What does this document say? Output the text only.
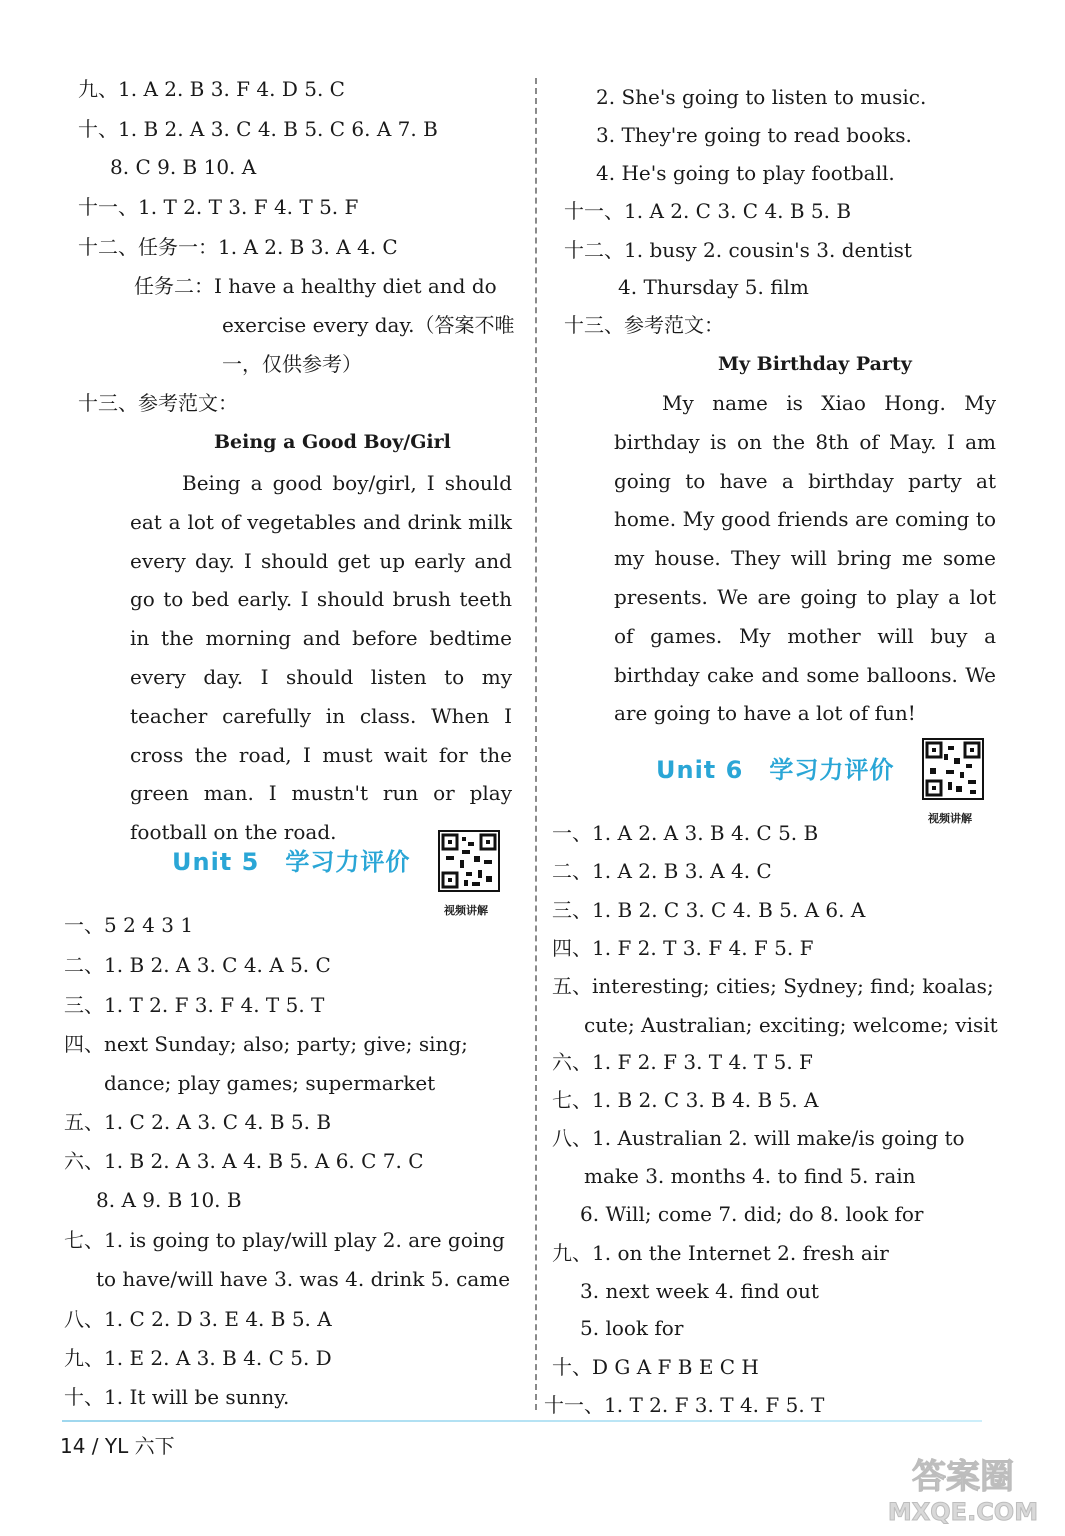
九、1. A 2. B 3. F 4. D 5. C
十、1. B 2. A 3. C 4. B 5. C 6. A 7. B
8. C 9. B 10. A
十一、1. T 2. T 3. F 4. T 5. F
十二、任务一：1. A 2. B 3. A 4. C
任务二：I have a healthy diet and do
exercise every day.（答案不唯
一，仅供参考）
十三、参考范文：
Being a Good Boy/Girl
Being a good boy/girl, I should eat a lot of vegetables and drink milk every day. I should get up early and go to bed early. I should brush teeth in the morning and before bedtime every day. I should listen to my teacher carefully in class. When I cross the road, I must wait for the green man. I mustn't run or play football on the road.
Unit 5 学习力评价
视频讲解
一、5 2 4 3 1
二、1. B 2. A 3. C 4. A 5. C
三、1. T 2. F 3. F 4. T 5. T
四、next Sunday; also; party; give; sing;
dance; play games; supermarket
五、1. C 2. A 3. C 4. B 5. B
六、1. B 2. A 3. A 4. B 5. A 6. C 7. C
8. A 9. B 10. B
七、1. is going to play/will play 2. are going
to have/will have 3. was 4. drink 5. came
八、1. C 2. D 3. E 4. B 5. A
九、1. E 2. A 3. B 4. C 5. D
十、1. It will be sunny.
2. She's going to listen to music.
3. They're going to read books.
4. He's going to play football.
十一、1. A 2. C 3. C 4. B 5. B
十二、1. busy 2. cousin's 3. dentist
4. Thursday 5. film
十三、参考范文：
My Birthday Party
My name is Xiao Hong. My birthday is on the 8th of May. I am going to have a birthday party at home. My good friends are coming to my house. They will bring me some presents. We are going to play a lot of games. My mother will buy a birthday cake and some balloons. We are going to have a lot of fun!
Unit 6 学习力评价
视频讲解
一、1. A 2. A 3. B 4. C 5. B
二、1. A 2. B 3. A 4. C
三、1. B 2. C 3. C 4. B 5. A 6. A
四、1. F 2. T 3. F 4. F 5. F
五、interesting; cities; Sydney; find; koalas;
cute; Australian; exciting; welcome; visit
六、1. F 2. F 3. T 4. T 5. F
七、1. B 2. C 3. B 4. B 5. A
八、1. Australian 2. will make/is going to
make 3. months 4. to find 5. rain
6. Will; come 7. did; do 8. look for
九、1. on the Internet 2. fresh air
3. next week 4. find out
5. look for
十、D G A F B E C H
十一、1. T 2. F 3. T 4. F 5. T
14 / YL 六下
答案圈
MXQE.COM
